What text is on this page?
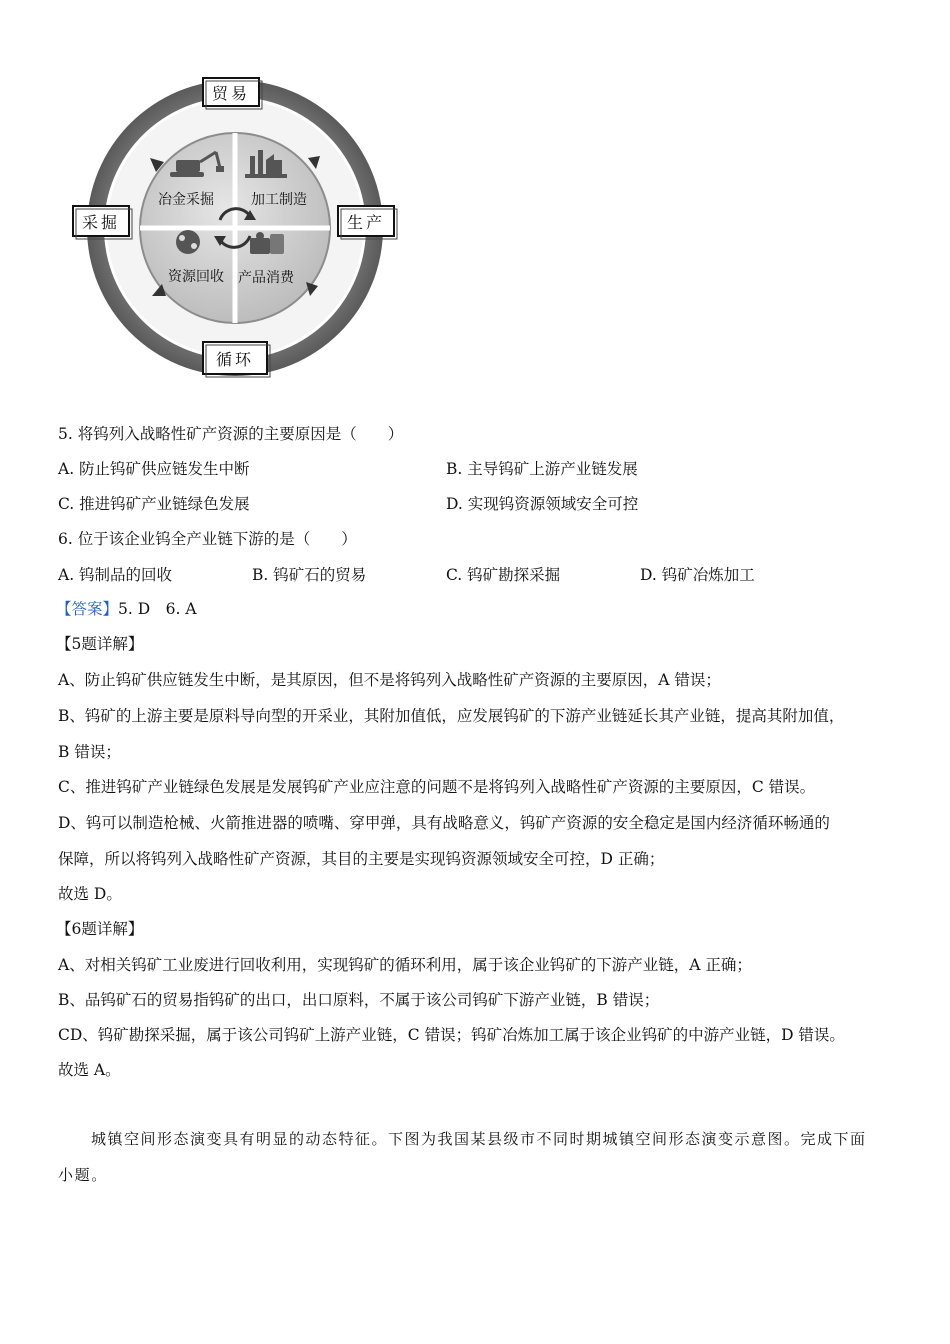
冶金采掘	加工制造
资源回收 产品消费
贸易
采掘	生产
循环
5. 将钨列入战略性矿产资源的主要原因是（　　）
A. 防止钨矿供应链发生中断	B. 主导钨矿上游产业链发展
C. 推进钨矿产业链绿色发展	D. 实现钨资源领域安全可控
6. 位于该企业钨全产业链下游的是（　　）
A. 钨制品的回收	B. 钨矿石的贸易	C. 钨矿勘探采掘	D. 钨矿冶炼加工
【答案】5. D　6. A
【5题详解】
A、防止钨矿供应链发生中断，是其原因，但不是将钨列入战略性矿产资源的主要原因，A 错误；
B、钨矿的上游主要是原料导向型的开采业，其附加值低，应发展钨矿的下游产业链延长其产业链，提高其附加值，
B 错误；
C、推进钨矿产业链绿色发展是发展钨矿产业应注意的问题不是将钨列入战略性矿产资源的主要原因，C 错误。
D、钨可以制造枪械、火箭推进器的喷嘴、穿甲弹，具有战略意义，钨矿产资源的安全稳定是国内经济循环畅通的
保障，所以将钨列入战略性矿产资源，其目的主要是实现钨资源领域安全可控，D 正确；
故选 D。
【6题详解】
A、对相关钨矿工业废进行回收利用，实现钨矿的循环利用，属于该企业钨矿的下游产业链，A 正确；
B、品钨矿石的贸易指钨矿的出口，出口原料，不属于该公司钨矿下游产业链，B 错误；
CD、钨矿勘探采掘，属于该公司钨矿上游产业链，C 错误；钨矿冶炼加工属于该企业钨矿的中游产业链，D 错误。
故选 A。
　　城镇空间形态演变具有明显的动态特征。下图为我国某县级市不同时期城镇空间形态演变示意图。完成下面
小题。
